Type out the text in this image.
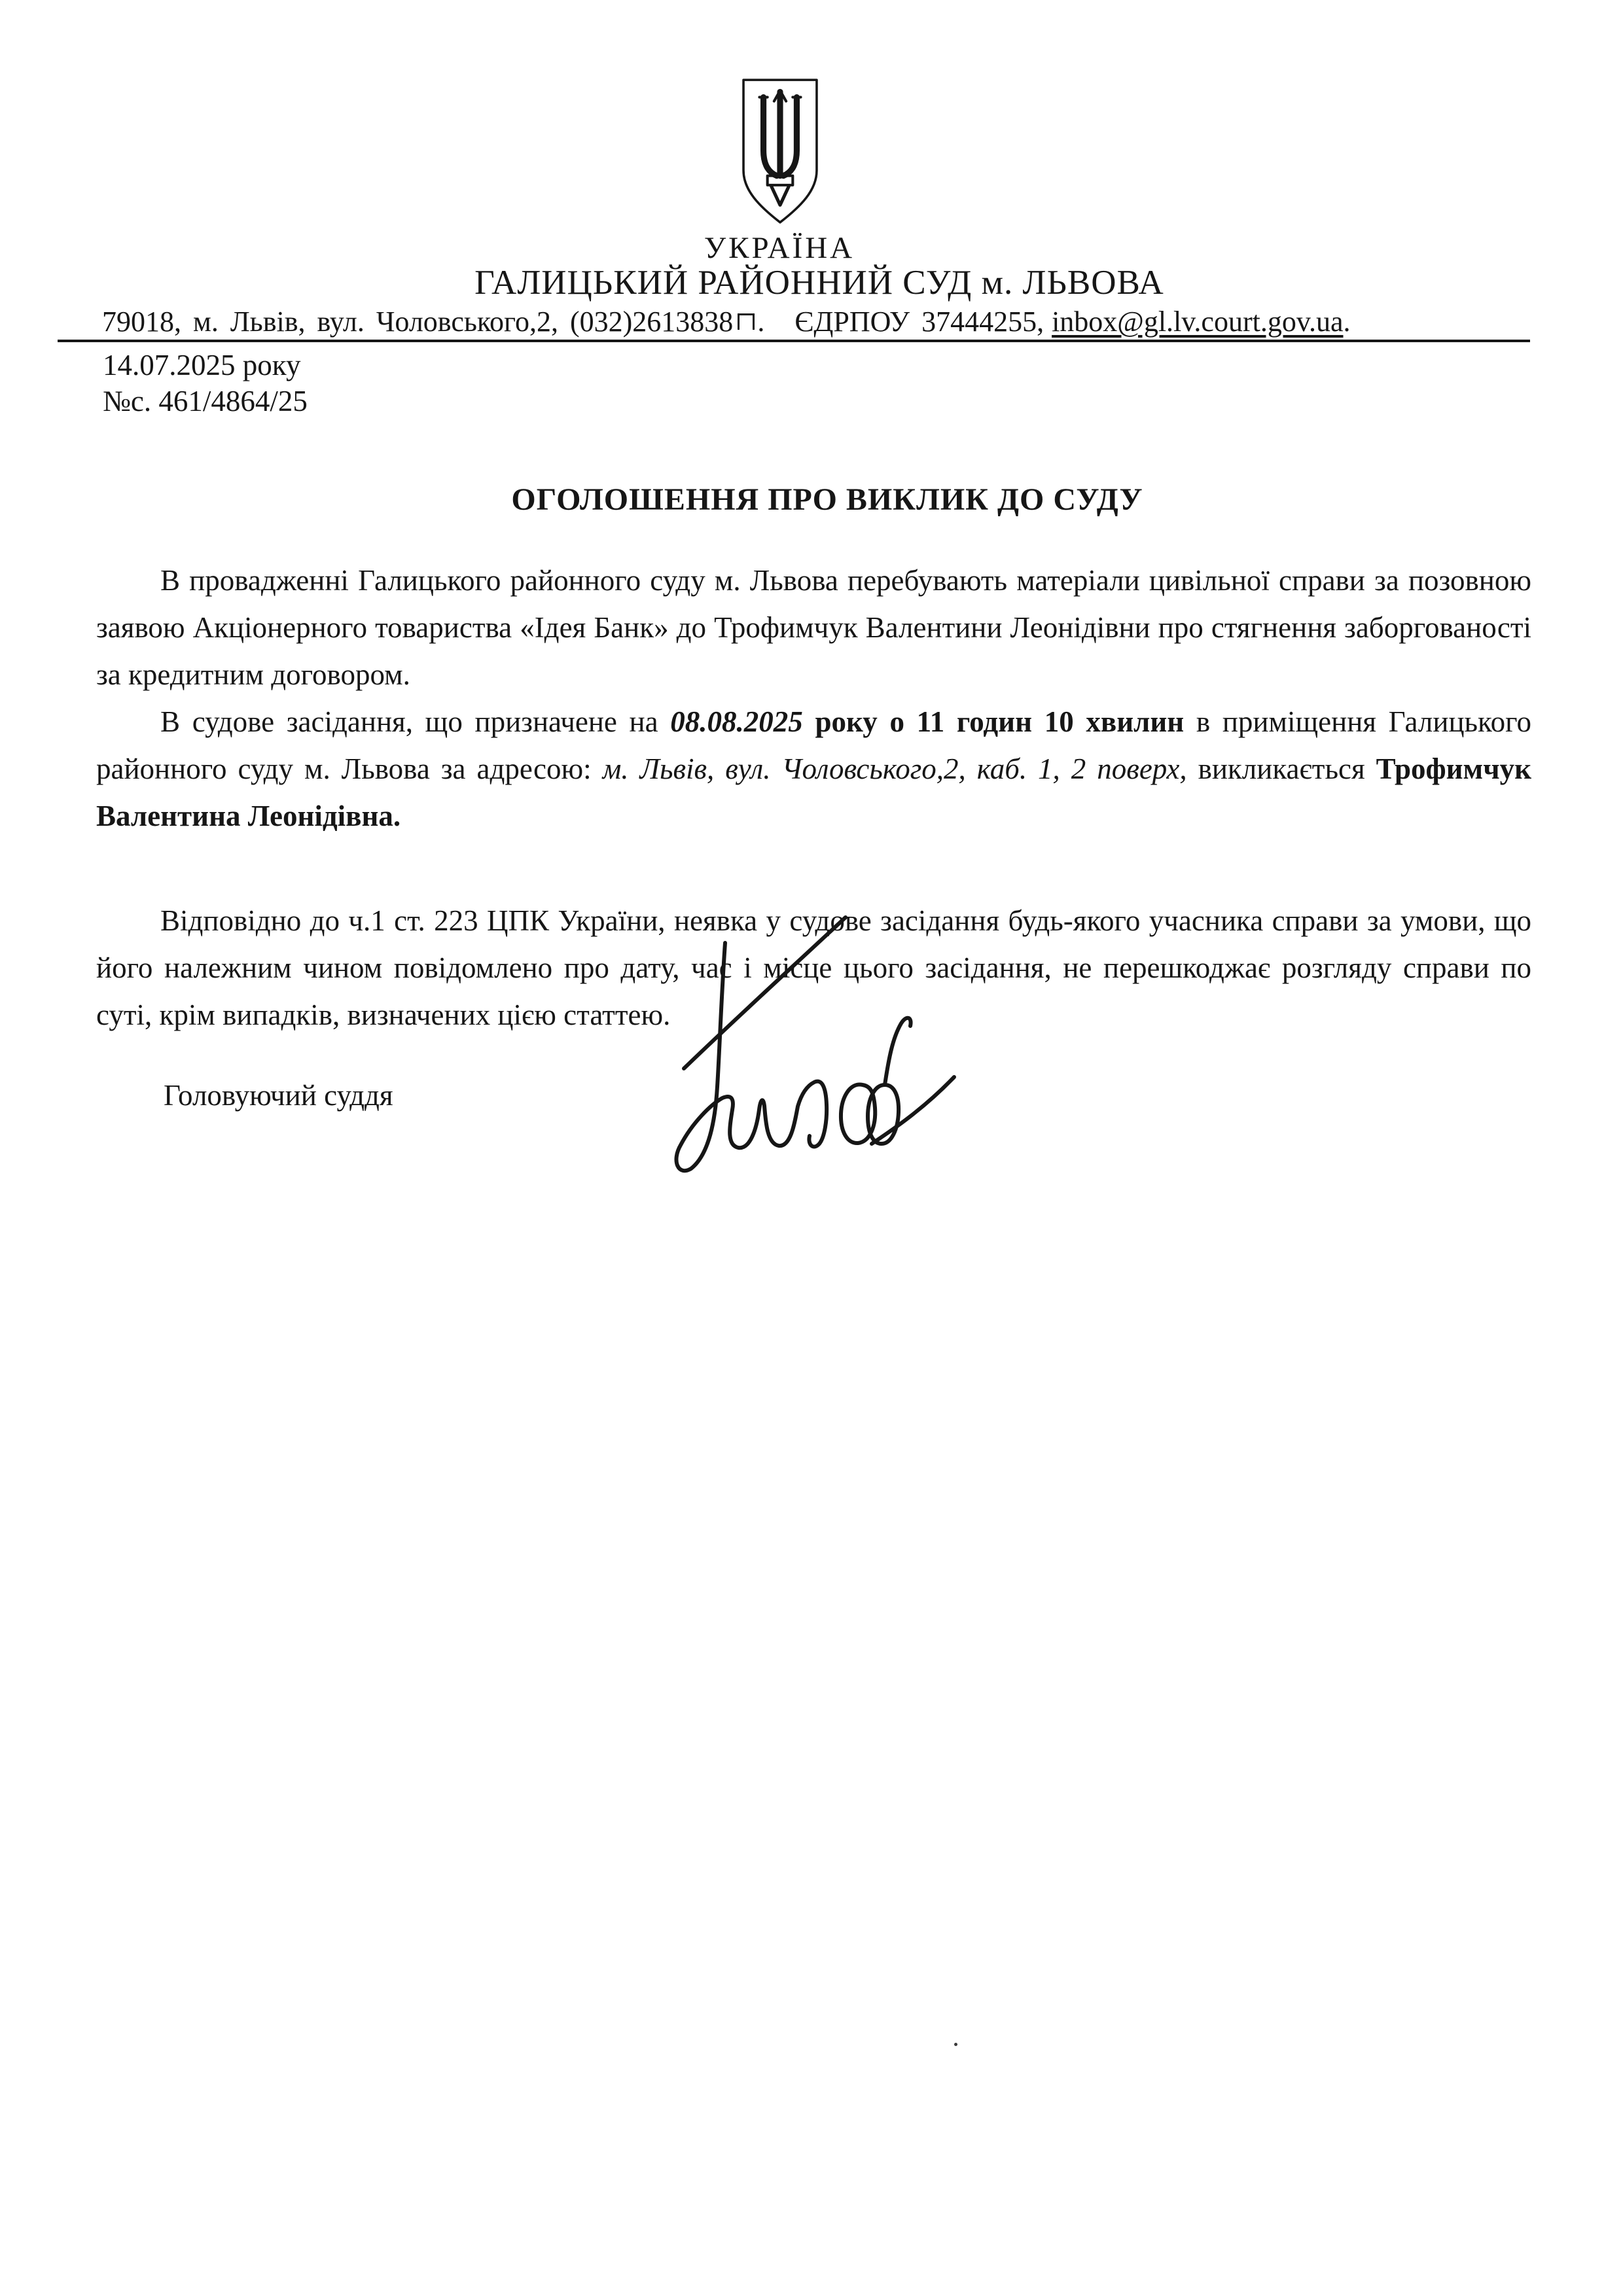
УКРАЇНА
ГАЛИЦЬКИЙ РАЙОННИЙ СУД м. ЛЬВОВА
79018, м. Львів, вул. Чоловського,2, (032)2613838 . ЄДРПОУ 37444255, inbox@gl.lv.court.gov.ua.
14.07.2025 року
№с. 461/4864/25
ОГОЛОШЕННЯ ПРО ВИКЛИК ДО СУДУ

В провадженні Галицького районного суду м. Львова перебувають матеріали цивільної справи за позовною заявою Акціонерного товариства «Ідея Банк» до Трофимчук Валентини Леонідівни про стягнення заборгованості за кредитним договором.

В судове засідання, що призначене на 08.08.2025 року о 11 годин 10 хвилин в приміщення Галицького районного суду м. Львова за адресою: м. Львів, вул. Чоловського,2, каб. 1, 2 поверх, викликається Трофимчук Валентина Леонідівна.

Відповідно до ч.1 ст. 223 ЦПК України, неявка у судове засідання будь-якого учасника справи за умови, що його належним чином повідомлено про дату, час і місце цього засідання, не перешкоджає розгляду справи по суті, крім випадків, визначених цією статтею.

Головуючий суддя
